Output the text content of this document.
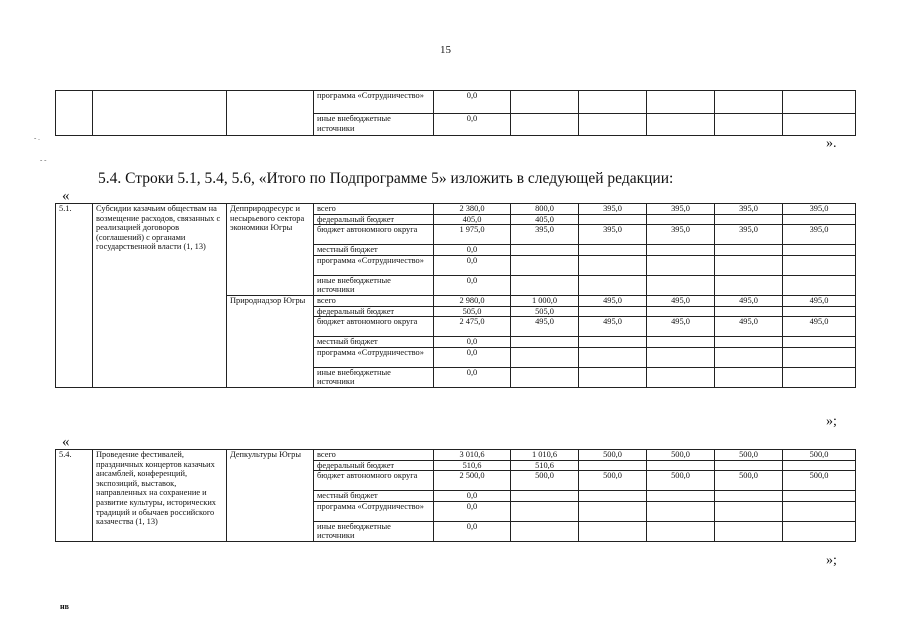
15
- .
- -
			программа «Сотрудничество»	0,0					
			иные внебюджетные источники	0,0					
».
5.4. Строки 5.1, 5.4, 5.6, «Итого по Подпрограмме 5» изложить в следующей редакции:
«
5.1.	Субсидии казачьим обществам на возмещение расходов, связанных с реализацией договоров (соглашений) с органами государственной власти (1, 13)	Депприродресурс и несырьевого сектора экономики Югры	всего	2 380,0	800,0	395,0	395,0	395,0	395,0
			федеральный бюджет	405,0	405,0				
			бюджет автономного округа	1 975,0	395,0	395,0	395,0	395,0	395,0
			местный бюджет	0,0					
			программа «Сотрудничество»	0,0					
			иные внебюджетные источники	0,0					
		Природнадзор Югры	всего	2 980,0	1 000,0	495,0	495,0	495,0	495,0
			федеральный бюджет	505,0	505,0				
			бюджет автономного округа	2 475,0	495,0	495,0	495,0	495,0	495,0
			местный бюджет	0,0					
			программа «Сотрудничество»	0,0					
			иные внебюджетные источники	0,0					
»;
«
5.4.	Проведение фестивалей, праздничных концертов казачьих ансамблей, конференций, экспозиций, выставок, направленных на сохранение и развитие культуры, исторических традиций и обычаев российского казачества (1, 13)	Депкультуры Югры	всего	3 010,6	1 010,6	500,0	500,0	500,0	500,0
			федеральный бюджет	510,6	510,6				
			бюджет автономного округа	2 500,0	500,0	500,0	500,0	500,0	500,0
			местный бюджет	0,0					
			программа «Сотрудничество»	0,0					
			иные внебюджетные источники	0,0					
»;
нв
